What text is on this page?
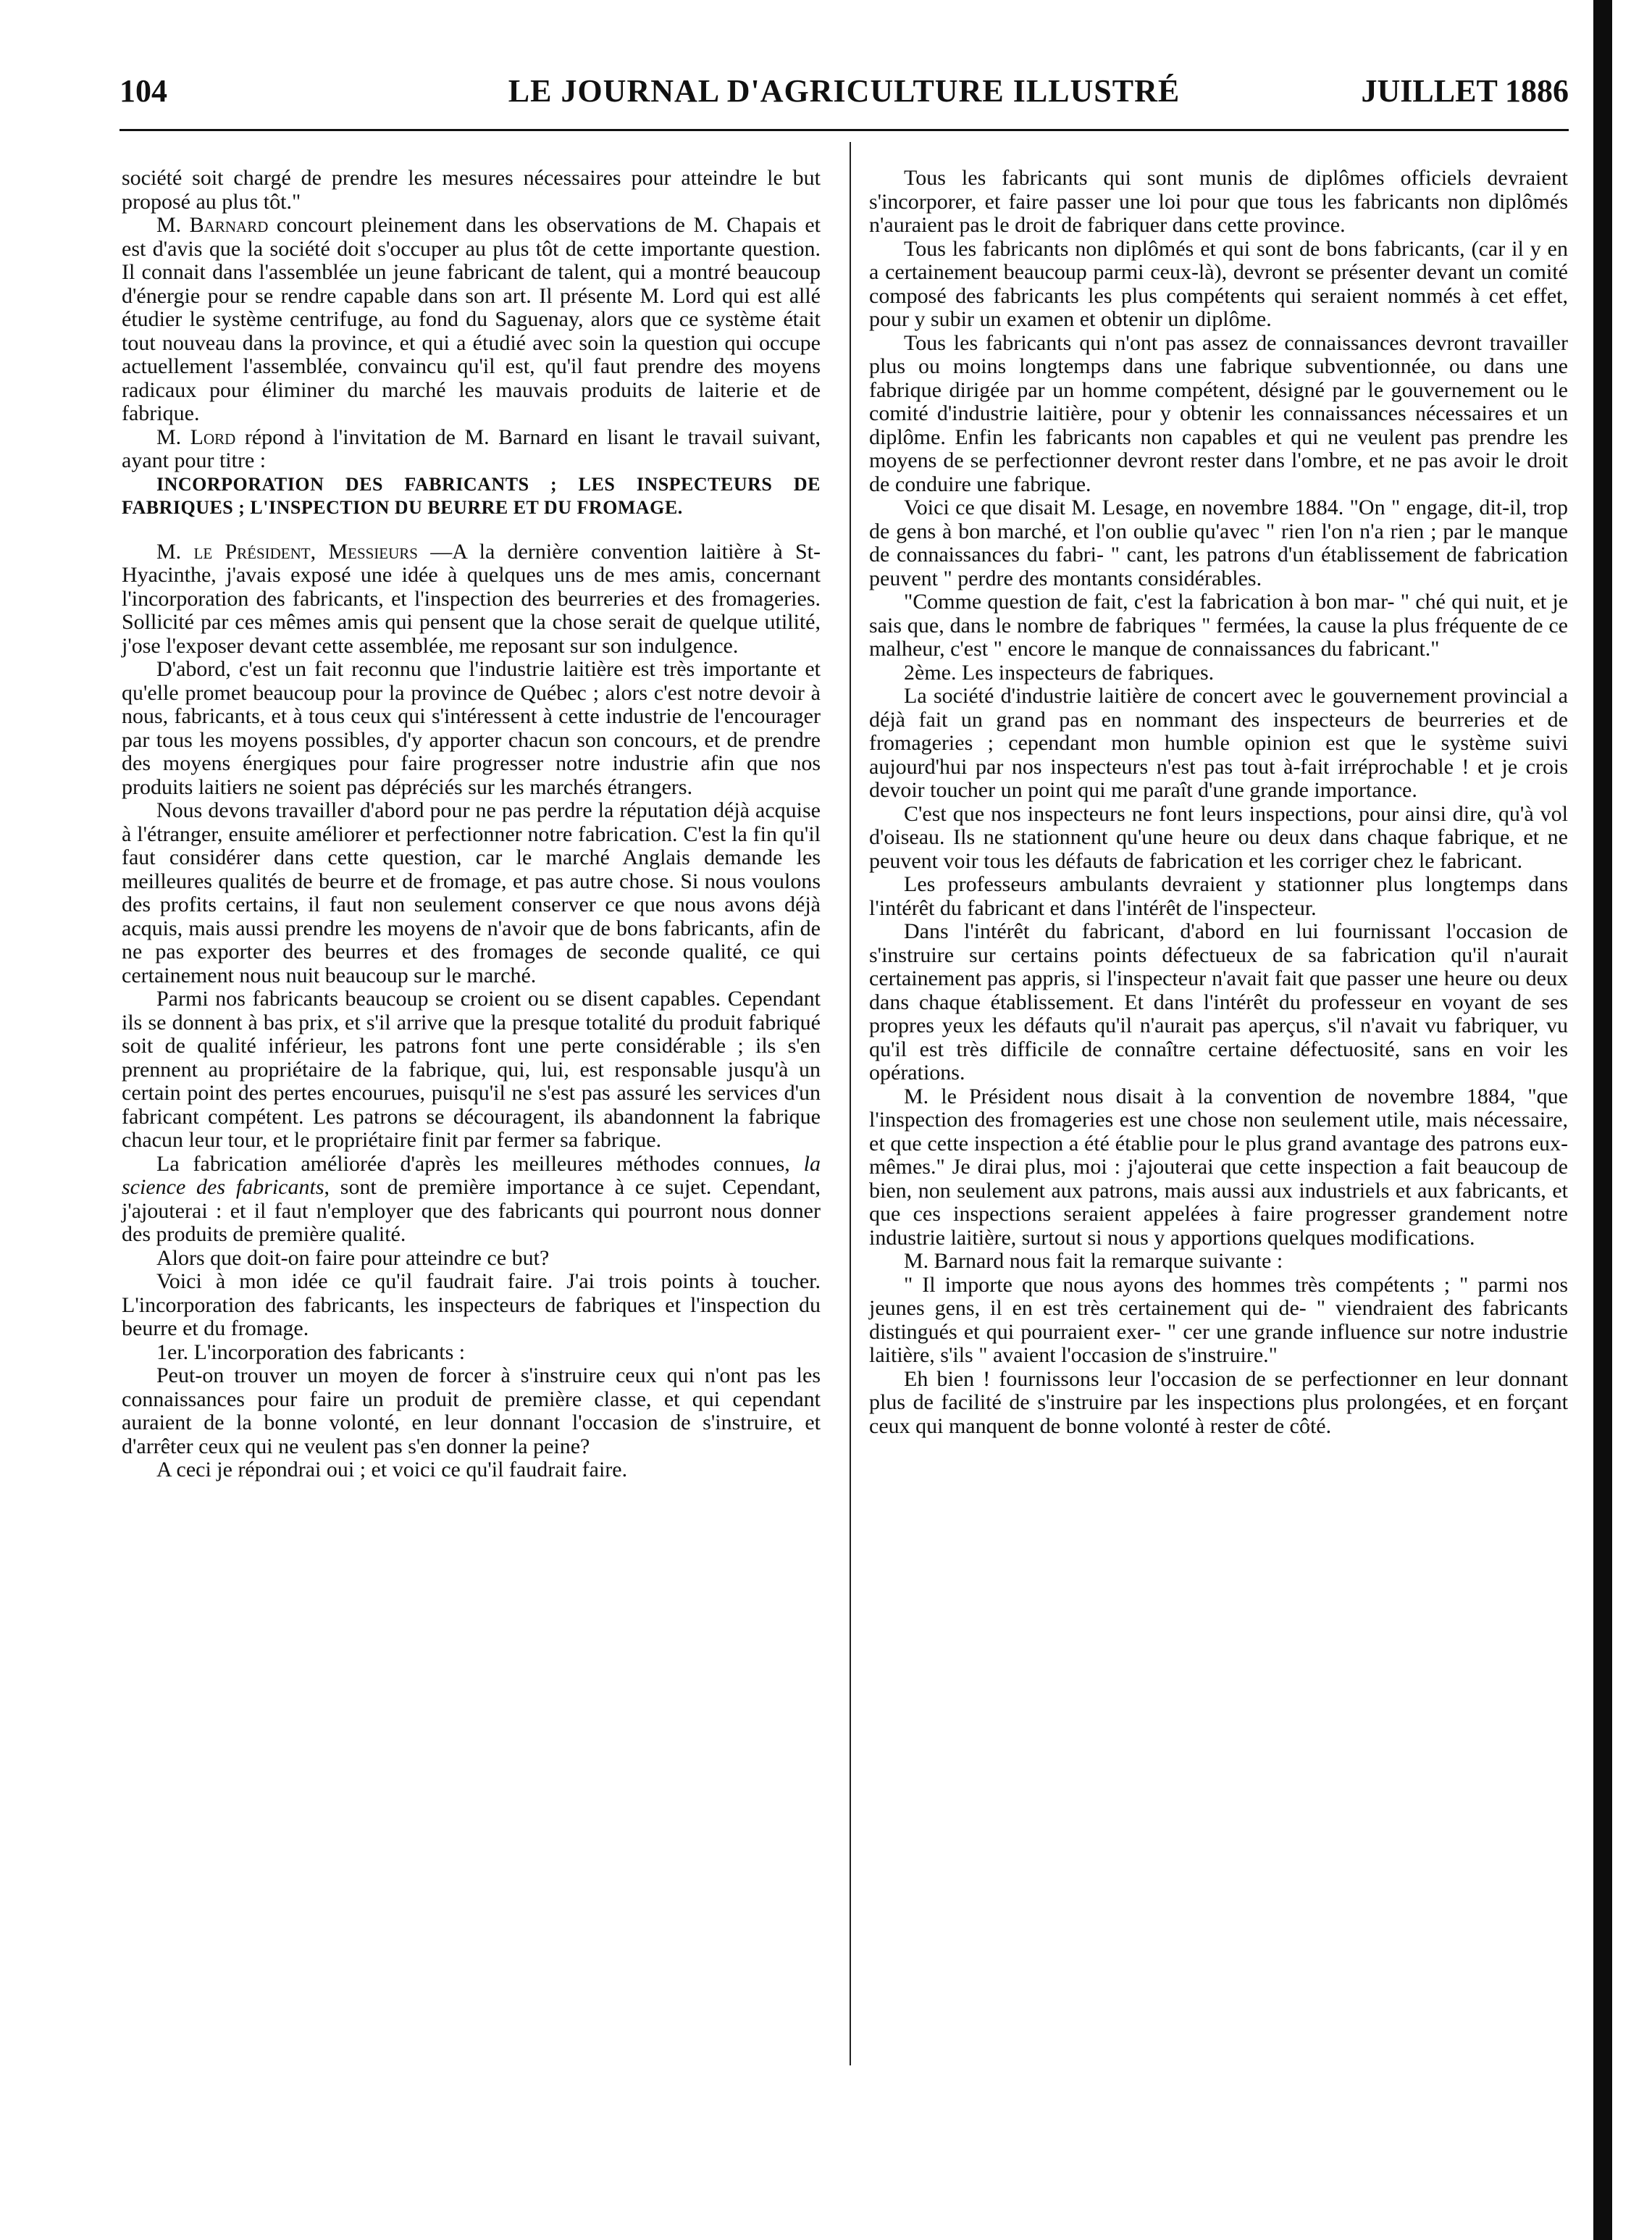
104	LE JOURNAL D'AGRICULTURE ILLUSTRÉ	JUILLET 1886

société soit chargé de prendre les mesures nécessaires pour atteindre le but proposé au plus tôt."

M. Barnard concourt pleinement dans les observations de M. Chapais et est d'avis que la société doit s'occuper au plus tôt de cette importante question. Il connait dans l'assemblée un jeune fabricant de talent, qui a montré beaucoup d'énergie pour se rendre capable dans son art. Il présente M. Lord qui est allé étudier le système centrifuge, au fond du Saguenay, alors que ce système était tout nouveau dans la province, et qui a étudié avec soin la question qui occupe actuellement l'assemblée, convaincu qu'il est, qu'il faut prendre des moyens radicaux pour éliminer du marché les mauvais produits de laiterie et de fabrique.

M. Lord répond à l'invitation de M. Barnard en lisant le travail suivant, ayant pour titre :

INCORPORATION DES FABRICANTS ; LES INSPECTEURS DE FABRIQUES ; L'INSPECTION DU BEURRE ET DU FROMAGE.

M. le Président, Messieurs —A la dernière convention laitière à St-Hyacinthe, j'avais exposé une idée à quelques uns de mes amis, concernant l'incorporation des fabricants, et l'inspection des beurreries et des fromageries. Sollicité par ces mêmes amis qui pensent que la chose serait de quelque utilité, j'ose l'exposer devant cette assemblée, me reposant sur son indulgence.

D'abord, c'est un fait reconnu que l'industrie laitière est très importante et qu'elle promet beaucoup pour la province de Québec ; alors c'est notre devoir à nous, fabricants, et à tous ceux qui s'intéressent à cette industrie de l'encourager par tous les moyens possibles, d'y apporter chacun son concours, et de prendre des moyens énergiques pour faire progresser notre industrie afin que nos produits laitiers ne soient pas dépréciés sur les marchés étrangers.

Nous devons travailler d'abord pour ne pas perdre la réputation déjà acquise à l'étranger, ensuite améliorer et perfectionner notre fabrication. C'est la fin qu'il faut considérer dans cette question, car le marché Anglais demande les meilleures qualités de beurre et de fromage, et pas autre chose. Si nous voulons des profits certains, il faut non seulement conserver ce que nous avons déjà acquis, mais aussi prendre les moyens de n'avoir que de bons fabricants, afin de ne pas exporter des beurres et des fromages de seconde qualité, ce qui certainement nous nuit beaucoup sur le marché.

Parmi nos fabricants beaucoup se croient ou se disent capables. Cependant ils se donnent à bas prix, et s'il arrive que la presque totalité du produit fabriqué soit de qualité inférieur, les patrons font une perte considérable ; ils s'en prennent au propriétaire de la fabrique, qui, lui, est responsable jusqu'à un certain point des pertes encourues, puisqu'il ne s'est pas assuré les services d'un fabricant compétent. Les patrons se découragent, ils abandonnent la fabrique chacun leur tour, et le propriétaire finit par fermer sa fabrique.

La fabrication améliorée d'après les meilleures méthodes connues, la science des fabricants, sont de première importance à ce sujet. Cependant, j'ajouterai : et il faut n'employer que des fabricants qui pourront nous donner des produits de première qualité.

Alors que doit-on faire pour atteindre ce but?

Voici à mon idée ce qu'il faudrait faire. J'ai trois points à toucher. L'incorporation des fabricants, les inspecteurs de fabriques et l'inspection du beurre et du fromage.

1er. L'incorporation des fabricants :

Peut-on trouver un moyen de forcer à s'instruire ceux qui n'ont pas les connaissances pour faire un produit de première classe, et qui cependant auraient de la bonne volonté, en leur donnant l'occasion de s'instruire, et d'arrêter ceux qui ne veulent pas s'en donner la peine?

A ceci je répondrai oui ; et voici ce qu'il faudrait faire.

Tous les fabricants qui sont munis de diplômes officiels devraient s'incorporer, et faire passer une loi pour que tous les fabricants non diplômés n'auraient pas le droit de fabriquer dans cette province.

Tous les fabricants non diplômés et qui sont de bons fabricants, (car il y en a certainement beaucoup parmi ceux-là), devront se présenter devant un comité composé des fabricants les plus compétents qui seraient nommés à cet effet, pour y subir un examen et obtenir un diplôme.

Tous les fabricants qui n'ont pas assez de connaissances devront travailler plus ou moins longtemps dans une fabrique subventionnée, ou dans une fabrique dirigée par un homme compétent, désigné par le gouvernement ou le comité d'industrie laitière, pour y obtenir les connaissances nécessaires et un diplôme. Enfin les fabricants non capables et qui ne veulent pas prendre les moyens de se perfectionner devront rester dans l'ombre, et ne pas avoir le droit de conduire une fabrique.

Voici ce que disait M. Lesage, en novembre 1884. "On " engage, dit-il, trop de gens à bon marché, et l'on oublie qu'avec " rien l'on n'a rien ; par le manque de connaissances du fabri- " cant, les patrons d'un établissement de fabrication peuvent " perdre des montants considérables.

"Comme question de fait, c'est la fabrication à bon mar- " ché qui nuit, et je sais que, dans le nombre de fabriques " fermées, la cause la plus fréquente de ce malheur, c'est " encore le manque de connaissances du fabricant."

2ème. Les inspecteurs de fabriques.

La société d'industrie laitière de concert avec le gouvernement provincial a déjà fait un grand pas en nommant des inspecteurs de beurreries et de fromageries ; cependant mon humble opinion est que le système suivi aujourd'hui par nos inspecteurs n'est pas tout à-fait irréprochable ! et je crois devoir toucher un point qui me paraît d'une grande importance.

C'est que nos inspecteurs ne font leurs inspections, pour ainsi dire, qu'à vol d'oiseau. Ils ne stationnent qu'une heure ou deux dans chaque fabrique, et ne peuvent voir tous les défauts de fabrication et les corriger chez le fabricant.

Les professeurs ambulants devraient y stationner plus longtemps dans l'intérêt du fabricant et dans l'intérêt de l'inspecteur.

Dans l'intérêt du fabricant, d'abord en lui fournissant l'occasion de s'instruire sur certains points défectueux de sa fabrication qu'il n'aurait certainement pas appris, si l'inspecteur n'avait fait que passer une heure ou deux dans chaque établissement. Et dans l'intérêt du professeur en voyant de ses propres yeux les défauts qu'il n'aurait pas aperçus, s'il n'avait vu fabriquer, vu qu'il est très difficile de connaître certaine défectuosité, sans en voir les opérations.

M. le Président nous disait à la convention de novembre 1884, "que l'inspection des fromageries est une chose non seulement utile, mais nécessaire, et que cette inspection a été établie pour le plus grand avantage des patrons eux-mêmes." Je dirai plus, moi : j'ajouterai que cette inspection a fait beaucoup de bien, non seulement aux patrons, mais aussi aux industriels et aux fabricants, et que ces inspections seraient appelées à faire progresser grandement notre industrie laitière, surtout si nous y apportions quelques modifications.

M. Barnard nous fait la remarque suivante :

" Il importe que nous ayons des hommes très compétents ; " parmi nos jeunes gens, il en est très certainement qui de- " viendraient des fabricants distingués et qui pourraient exer- " cer une grande influence sur notre industrie laitière, s'ils " avaient l'occasion de s'instruire."

Eh bien ! fournissons leur l'occasion de se perfectionner en leur donnant plus de facilité de s'instruire par les inspections plus prolongées, et en forçant ceux qui manquent de bonne volonté à rester de côté.
